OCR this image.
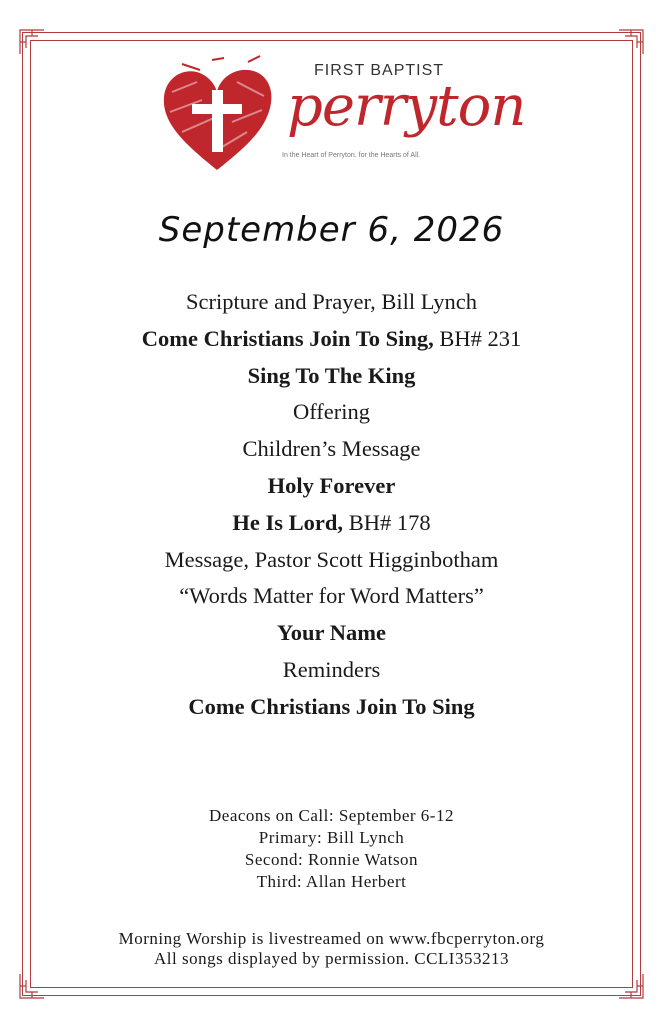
FIRST BAPTIST
perryton
In the Heart of Perryton. for the Hearts of All.
September 6, 2026
Scripture and Prayer, Bill Lynch
Come Christians Join To Sing, BH# 231
Sing To The King
Offering
Children’s Message
Holy Forever
He Is Lord, BH# 178
Message, Pastor Scott Higginbotham
“Words Matter for Word Matters”
Your Name
Reminders
Come Christians Join To Sing
Deacons on Call: September 6-12
Primary: Bill Lynch
Second: Ronnie Watson
Third: Allan Herbert
Morning Worship is livestreamed on www.fbcperryton.org
All songs displayed by permission. CCLI353213
